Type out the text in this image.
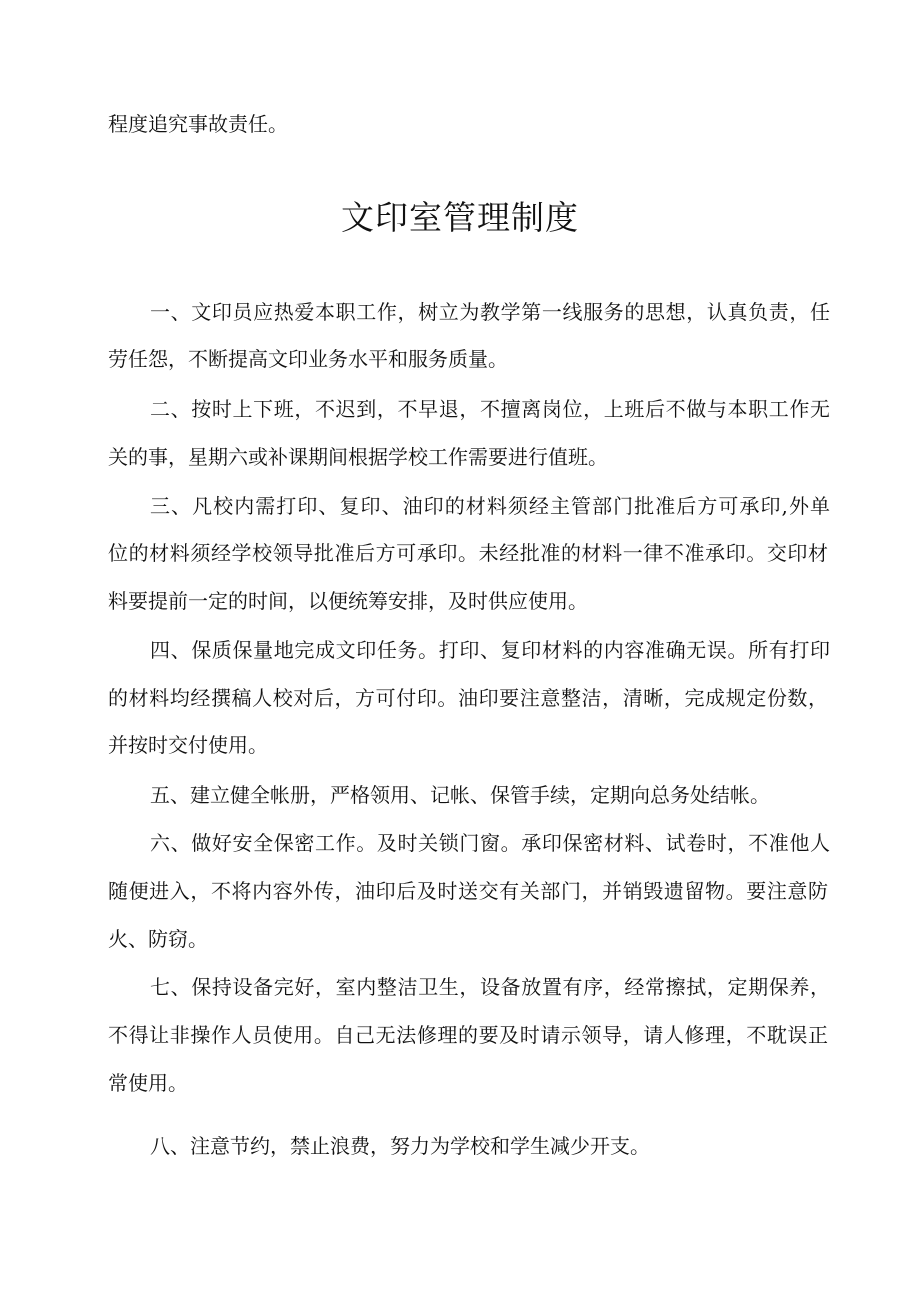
程度追究事故责任。
文印室管理制度
一、文印员应热爱本职工作，树立为教学第一线服务的思想，认真负责，任
劳任怨，不断提高文印业务水平和服务质量。
二、按时上下班，不迟到，不早退，不擅离岗位，上班后不做与本职工作无
关的事，星期六或补课期间根据学校工作需要进行值班。
三、凡校内需打印、复印、油印的材料须经主管部门批准后方可承印,外单
位的材料须经学校领导批准后方可承印。未经批准的材料一律不准承印。交印材
料要提前一定的时间，以便统筹安排，及时供应使用。
四、保质保量地完成文印任务。打印、复印材料的内容准确无误。所有打印
的材料均经撰稿人校对后，方可付印。油印要注意整洁，清晰，完成规定份数，
并按时交付使用。
五、建立健全帐册，严格领用、记帐、保管手续，定期向总务处结帐。
六、做好安全保密工作。及时关锁门窗。承印保密材料、试卷时，不准他人
随便进入，不将内容外传，油印后及时送交有关部门，并销毁遗留物。要注意防
火、防窃。
七、保持设备完好，室内整洁卫生，设备放置有序，经常擦拭，定期保养，
不得让非操作人员使用。自己无法修理的要及时请示领导，请人修理，不耽误正
常使用。
八、注意节约，禁止浪费，努力为学校和学生减少开支。
